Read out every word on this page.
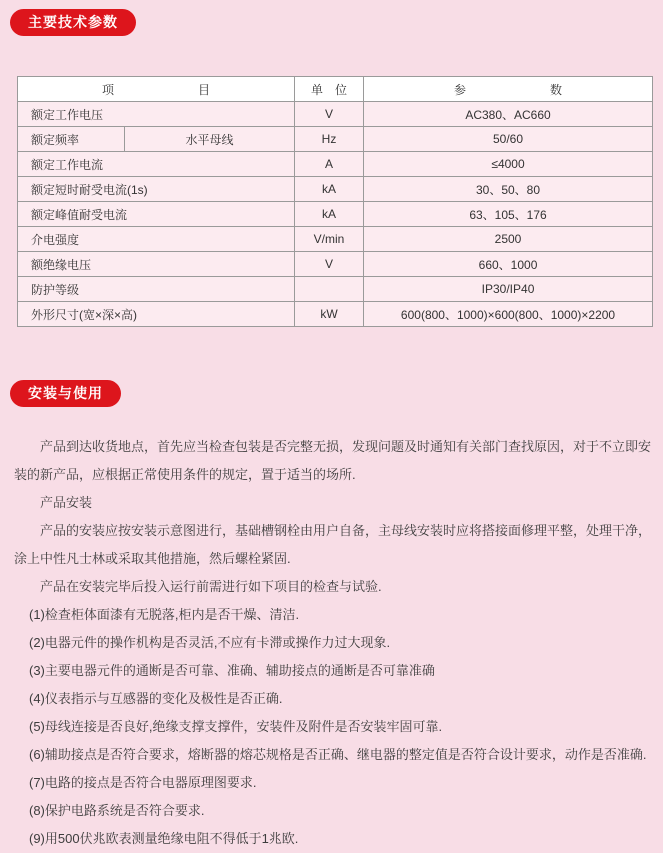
主要技术参数
项　　　　　　　目		单　位	参　　　　　　　数
额定工作电压		V	AC380、AC660
额定频率	水平母线	Hz	50/60
额定工作电流		A	≤4000
额定短时耐受电流(1s)		kA	30、50、80
额定峰值耐受电流		kA	63、105、176
介电强度		V/min	2500
额绝缘电压		V	660、1000
防护等级			IP30/IP40
外形尺寸(宽×深×高)		kW	600(800、1000)×600(800、1000)×2200
安装与使用

产品到达收货地点，首先应当检查包装是否完整无损，发现问题及时通知有关部门查找原因，对于不立即安装的新产品，应根据正常使用条件的规定，置于适当的场所.

产品安装

产品的安装应按安装示意图进行，基础槽钢栓由用户自备，主母线安装时应将搭接面修理平整，处理干净，涂上中性凡士林或采取其他措施，然后螺栓紧固.

产品在安装完毕后投入运行前需进行如下项目的检查与试验.

(1)检查柜体面漆有无脱落,柜内是否干燥、清洁.

(2)电器元件的操作机构是否灵活,不应有卡滞或操作力过大现象.

(3)主要电器元件的通断是否可靠、准确、辅助接点的通断是否可靠准确

(4)仪表指示与互感器的变化及极性是否正确.

(5)母线连接是否良好,绝缘支撑支撑件，安装件及附件是否安装牢固可靠.

(6)辅助接点是否符合要求，熔断器的熔芯规格是否正确、继电器的整定值是否符合设计要求，动作是否准确.

(7)电路的接点是否符合电器原理图要求.

(8)保护电路系统是否符合要求.

(9)用500伏兆欧表测量绝缘电阻不得低于1兆欧.
